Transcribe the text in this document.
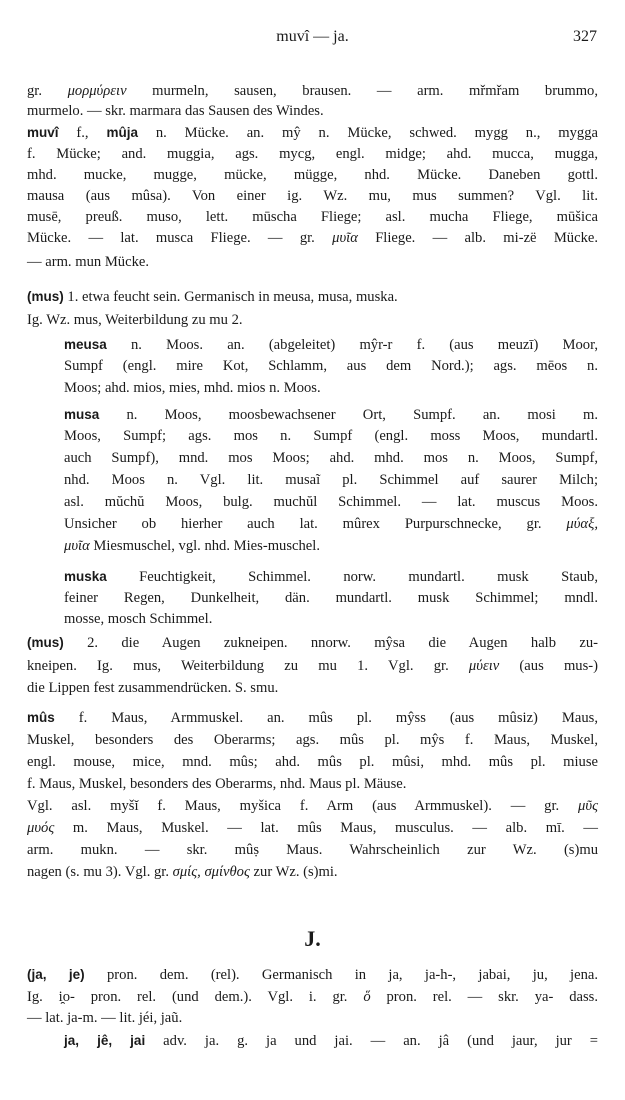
muvî — ja.	327
gr. μορμύρειν murmeln, sausen, brausen. — arm. mřmřam brummo,
murmelo. — skr. marmara das Sausen des Windes.
muvî f., mûja n. Mücke. an. mŷ n. Mücke, schwed. mygg n., mygga
f. Mücke; and. muggia, ags. mycg, engl. midge; ahd. mucca, mugga,
mhd. mucke, mugge, mücke, mügge, nhd. Mücke. Daneben gottl.
mausa (aus mûsa). Von einer ig. Wz. mu, mus summen? Vgl. lit.
musē, preuß. muso, lett. mūscha Fliege; asl. mucha Fliege, mūšica
Mücke. — lat. musca Fliege. — gr. μυῖα Fliege. — alb. mi-zë Mücke.
— arm. mun Mücke.
(mus) 1. etwa feucht sein. Germanisch in meusa, musa, muska.
Ig. Wz. mus, Weiterbildung zu mu 2.
meusa n. Moos. an. (abgeleitet) mŷr-r f. (aus meuzī) Moor,
Sumpf (engl. mire Kot, Schlamm, aus dem Nord.); ags. mēos n.
Moos; ahd. mios, mies, mhd. mios n. Moos.
musa n. Moos, moosbewachsener Ort, Sumpf. an. mosi m.
Moos, Sumpf; ags. mos n. Sumpf (engl. moss Moos, mundartl.
auch Sumpf), mnd. mos Moos; ahd. mhd. mos n. Moos, Sumpf,
nhd. Moos n. Vgl. lit. musaĩ pl. Schimmel auf saurer Milch;
asl. mŭchŭ Moos, bulg. muchŭl Schimmel. — lat. muscus Moos.
Unsicher ob hierher auch lat. mûrex Purpurschnecke, gr. μύαξ,
μυῖα Miesmuschel, vgl. nhd. Mies-muschel.
muska Feuchtigkeit, Schimmel. norw. mundartl. musk Staub,
feiner Regen, Dunkelheit, dän. mundartl. musk Schimmel; mndl.
mosse, mosch Schimmel.
(mus) 2. die Augen zukneipen. nnorw. mŷsa die Augen halb zu-
kneipen. Ig. mus, Weiterbildung zu mu 1. Vgl. gr. μύειν (aus mus-)
die Lippen fest zusammendrücken. S. smu.
mûs f. Maus, Armmuskel. an. mûs pl. mŷss (aus mûsiz) Maus,
Muskel, besonders des Oberarms; ags. mûs pl. mŷs f. Maus, Muskel,
engl. mouse, mice, mnd. mûs; ahd. mûs pl. mûsi, mhd. mûs pl. miuse
f. Maus, Muskel, besonders des Oberarms, nhd. Maus pl. Mäuse.
Vgl. asl. myšĭ f. Maus, myšica f. Arm (aus Armmuskel). — gr. μῦς
μυός m. Maus, Muskel. — lat. mûs Maus, musculus. — alb. mī. —
arm. mukn. — skr. mûṣ Maus. Wahrscheinlich zur Wz. (s)mu
nagen (s. mu 3). Vgl. gr. σμίς, σμίνθος zur Wz. (s)mi.
(ja, je) pron. dem. (rel). Germanisch in ja, ja-h-, jabai, ju, jena.
Ig. i̯o- pron. rel. (und dem.). Vgl. i. gr. ὅ pron. rel. — skr. ya- dass.
— lat. ja-m. — lit. jéi, jaũ.
ja, jê, jai adv. ja. g. ja und jai. — an. jâ (und jaur, jur =
J.
